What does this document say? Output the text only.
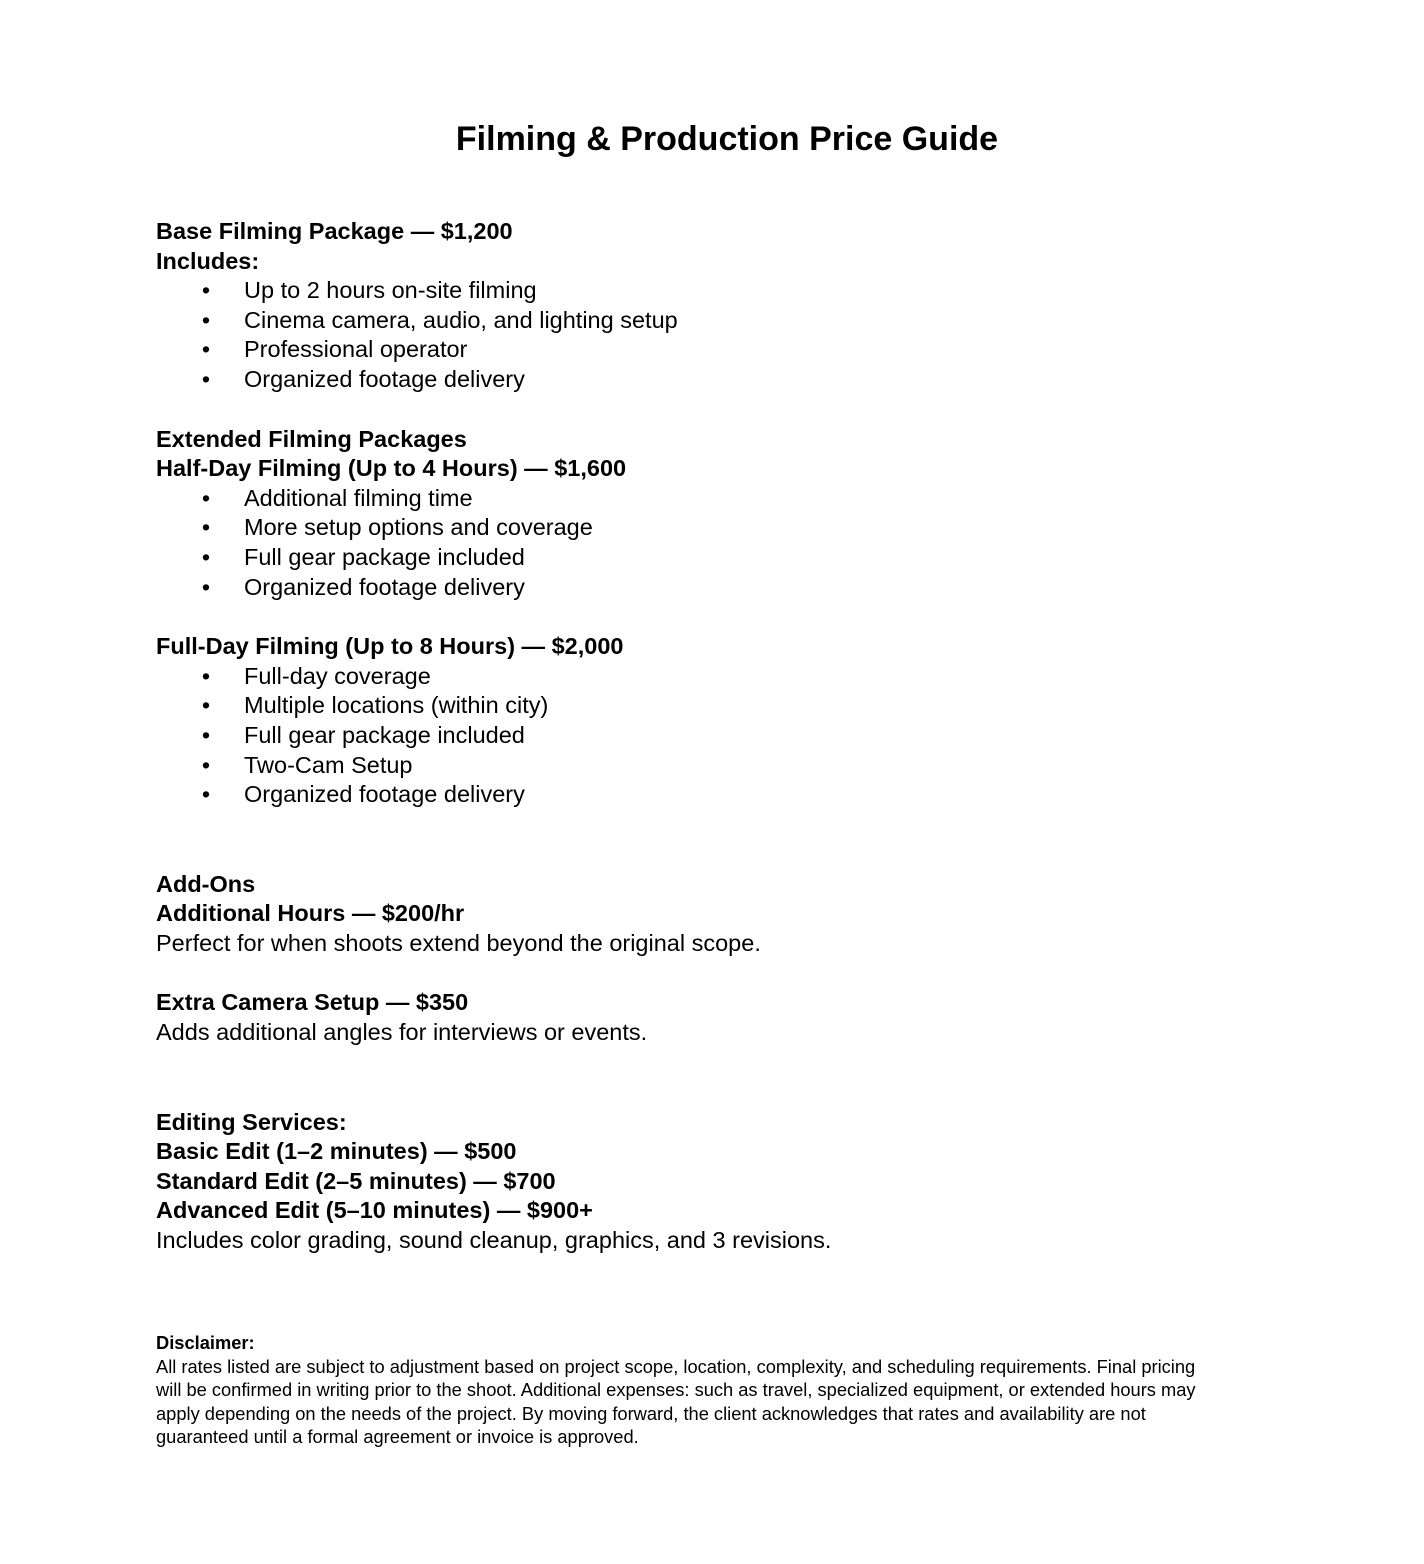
Filming & Production Price Guide
Base Filming Package — $1,200
Includes:
• Up to 2 hours on-site filming
• Cinema camera, audio, and lighting setup
• Professional operator
• Organized footage delivery
Extended Filming Packages
Half-Day Filming (Up to 4 Hours) — $1,600
• Additional filming time
• More setup options and coverage
• Full gear package included
• Organized footage delivery
Full-Day Filming (Up to 8 Hours) — $2,000
• Full-day coverage
• Multiple locations (within city)
• Full gear package included
• Two-Cam Setup
• Organized footage delivery
Add-Ons
Additional Hours — $200/hr
Perfect for when shoots extend beyond the original scope.
Extra Camera Setup — $350
Adds additional angles for interviews or events.
Editing Services:
Basic Edit (1–2 minutes) — $500
Standard Edit (2–5 minutes) — $700
Advanced Edit (5–10 minutes) — $900+
Includes color grading, sound cleanup, graphics, and 3 revisions.
Disclaimer:
All rates listed are subject to adjustment based on project scope, location, complexity, and scheduling requirements. Final pricing
will be confirmed in writing prior to the shoot. Additional expenses: such as travel, specialized equipment, or extended hours may
apply depending on the needs of the project. By moving forward, the client acknowledges that rates and availability are not
guaranteed until a formal agreement or invoice is approved.
